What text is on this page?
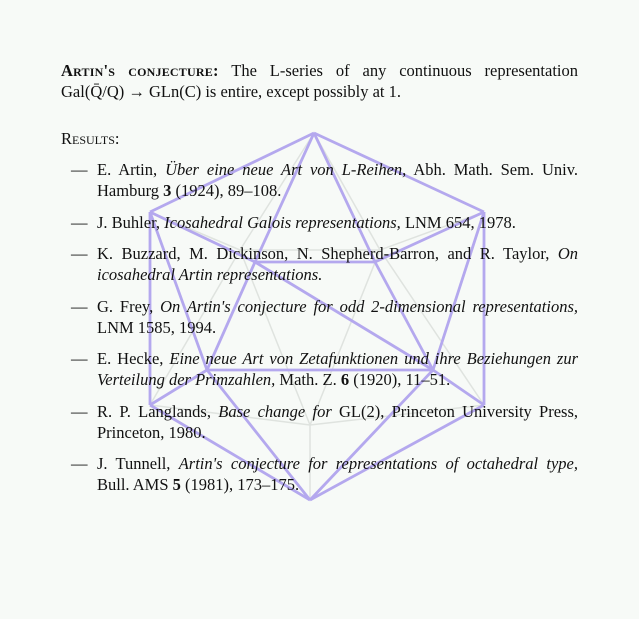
Artin's conjecture: The L-series of any continuous representation Gal(Q̄/Q) → GLn(C) is entire, except possibly at 1.

Results:
— E. Artin, Über eine neue Art von L-Reihen, Abh. Math. Sem. Univ. Hamburg 3 (1924), 89–108.
— J. Buhler, Icosahedral Galois representations, LNM 654, 1978.
— K. Buzzard, M. Dickinson, N. Shepherd-Barron, and R. Taylor, On icosahedral Artin representations.
— G. Frey, On Artin's conjecture for odd 2-dimensional representations, LNM 1585, 1994.
— E. Hecke, Eine neue Art von Zetafunktionen und ihre Beziehungen zur Verteilung der Primzahlen, Math. Z. 6 (1920), 11–51.
— R. P. Langlands, Base change for GL(2), Princeton University Press, Princeton, 1980.
— J. Tunnell, Artin's conjecture for representations of octahedral type, Bull. AMS 5 (1981), 173–175.
